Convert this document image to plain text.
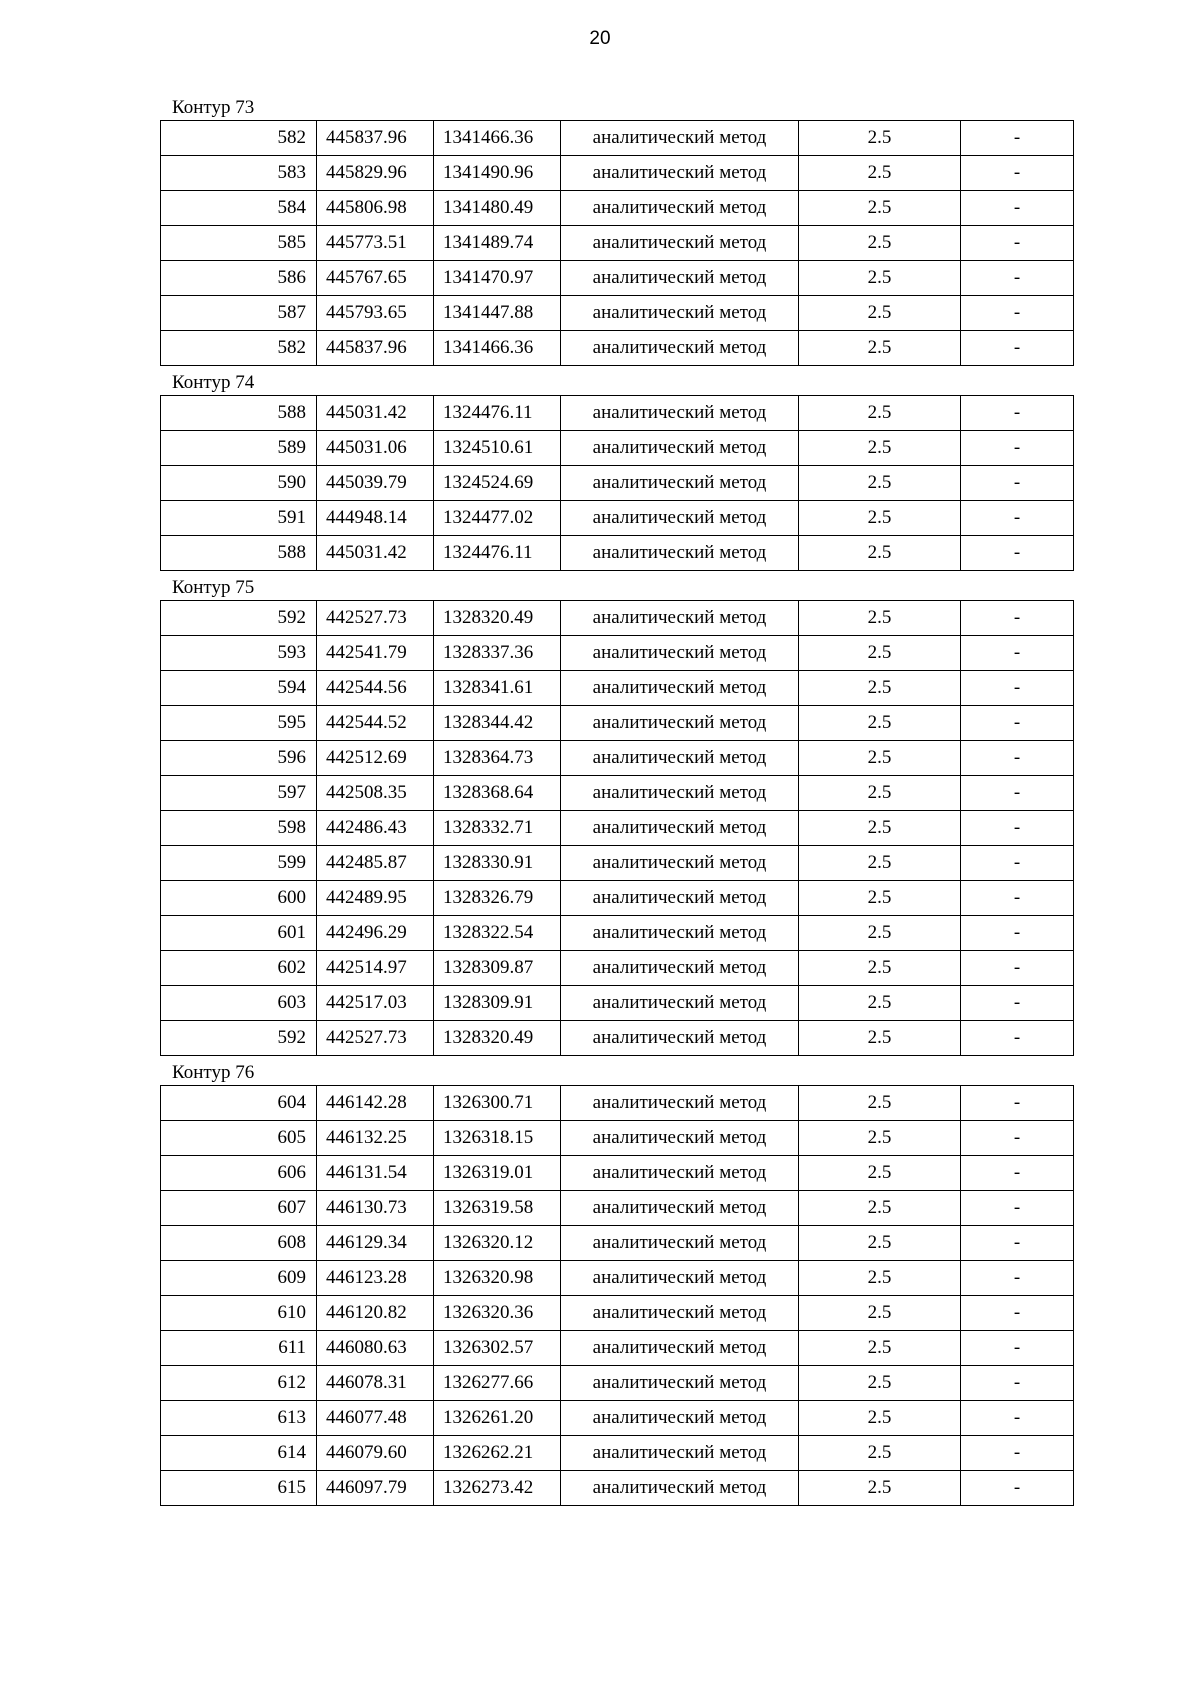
20
Контур 73
582	445837.96	1341466.36	аналитический метод	2.5	-
583	445829.96	1341490.96	аналитический метод	2.5	-
584	445806.98	1341480.49	аналитический метод	2.5	-
585	445773.51	1341489.74	аналитический метод	2.5	-
586	445767.65	1341470.97	аналитический метод	2.5	-
587	445793.65	1341447.88	аналитический метод	2.5	-
582	445837.96	1341466.36	аналитический метод	2.5	-
Контур 74
588	445031.42	1324476.11	аналитический метод	2.5	-
589	445031.06	1324510.61	аналитический метод	2.5	-
590	445039.79	1324524.69	аналитический метод	2.5	-
591	444948.14	1324477.02	аналитический метод	2.5	-
588	445031.42	1324476.11	аналитический метод	2.5	-
Контур 75
592	442527.73	1328320.49	аналитический метод	2.5	-
593	442541.79	1328337.36	аналитический метод	2.5	-
594	442544.56	1328341.61	аналитический метод	2.5	-
595	442544.52	1328344.42	аналитический метод	2.5	-
596	442512.69	1328364.73	аналитический метод	2.5	-
597	442508.35	1328368.64	аналитический метод	2.5	-
598	442486.43	1328332.71	аналитический метод	2.5	-
599	442485.87	1328330.91	аналитический метод	2.5	-
600	442489.95	1328326.79	аналитический метод	2.5	-
601	442496.29	1328322.54	аналитический метод	2.5	-
602	442514.97	1328309.87	аналитический метод	2.5	-
603	442517.03	1328309.91	аналитический метод	2.5	-
592	442527.73	1328320.49	аналитический метод	2.5	-
Контур 76
604	446142.28	1326300.71	аналитический метод	2.5	-
605	446132.25	1326318.15	аналитический метод	2.5	-
606	446131.54	1326319.01	аналитический метод	2.5	-
607	446130.73	1326319.58	аналитический метод	2.5	-
608	446129.34	1326320.12	аналитический метод	2.5	-
609	446123.28	1326320.98	аналитический метод	2.5	-
610	446120.82	1326320.36	аналитический метод	2.5	-
611	446080.63	1326302.57	аналитический метод	2.5	-
612	446078.31	1326277.66	аналитический метод	2.5	-
613	446077.48	1326261.20	аналитический метод	2.5	-
614	446079.60	1326262.21	аналитический метод	2.5	-
615	446097.79	1326273.42	аналитический метод	2.5	-
